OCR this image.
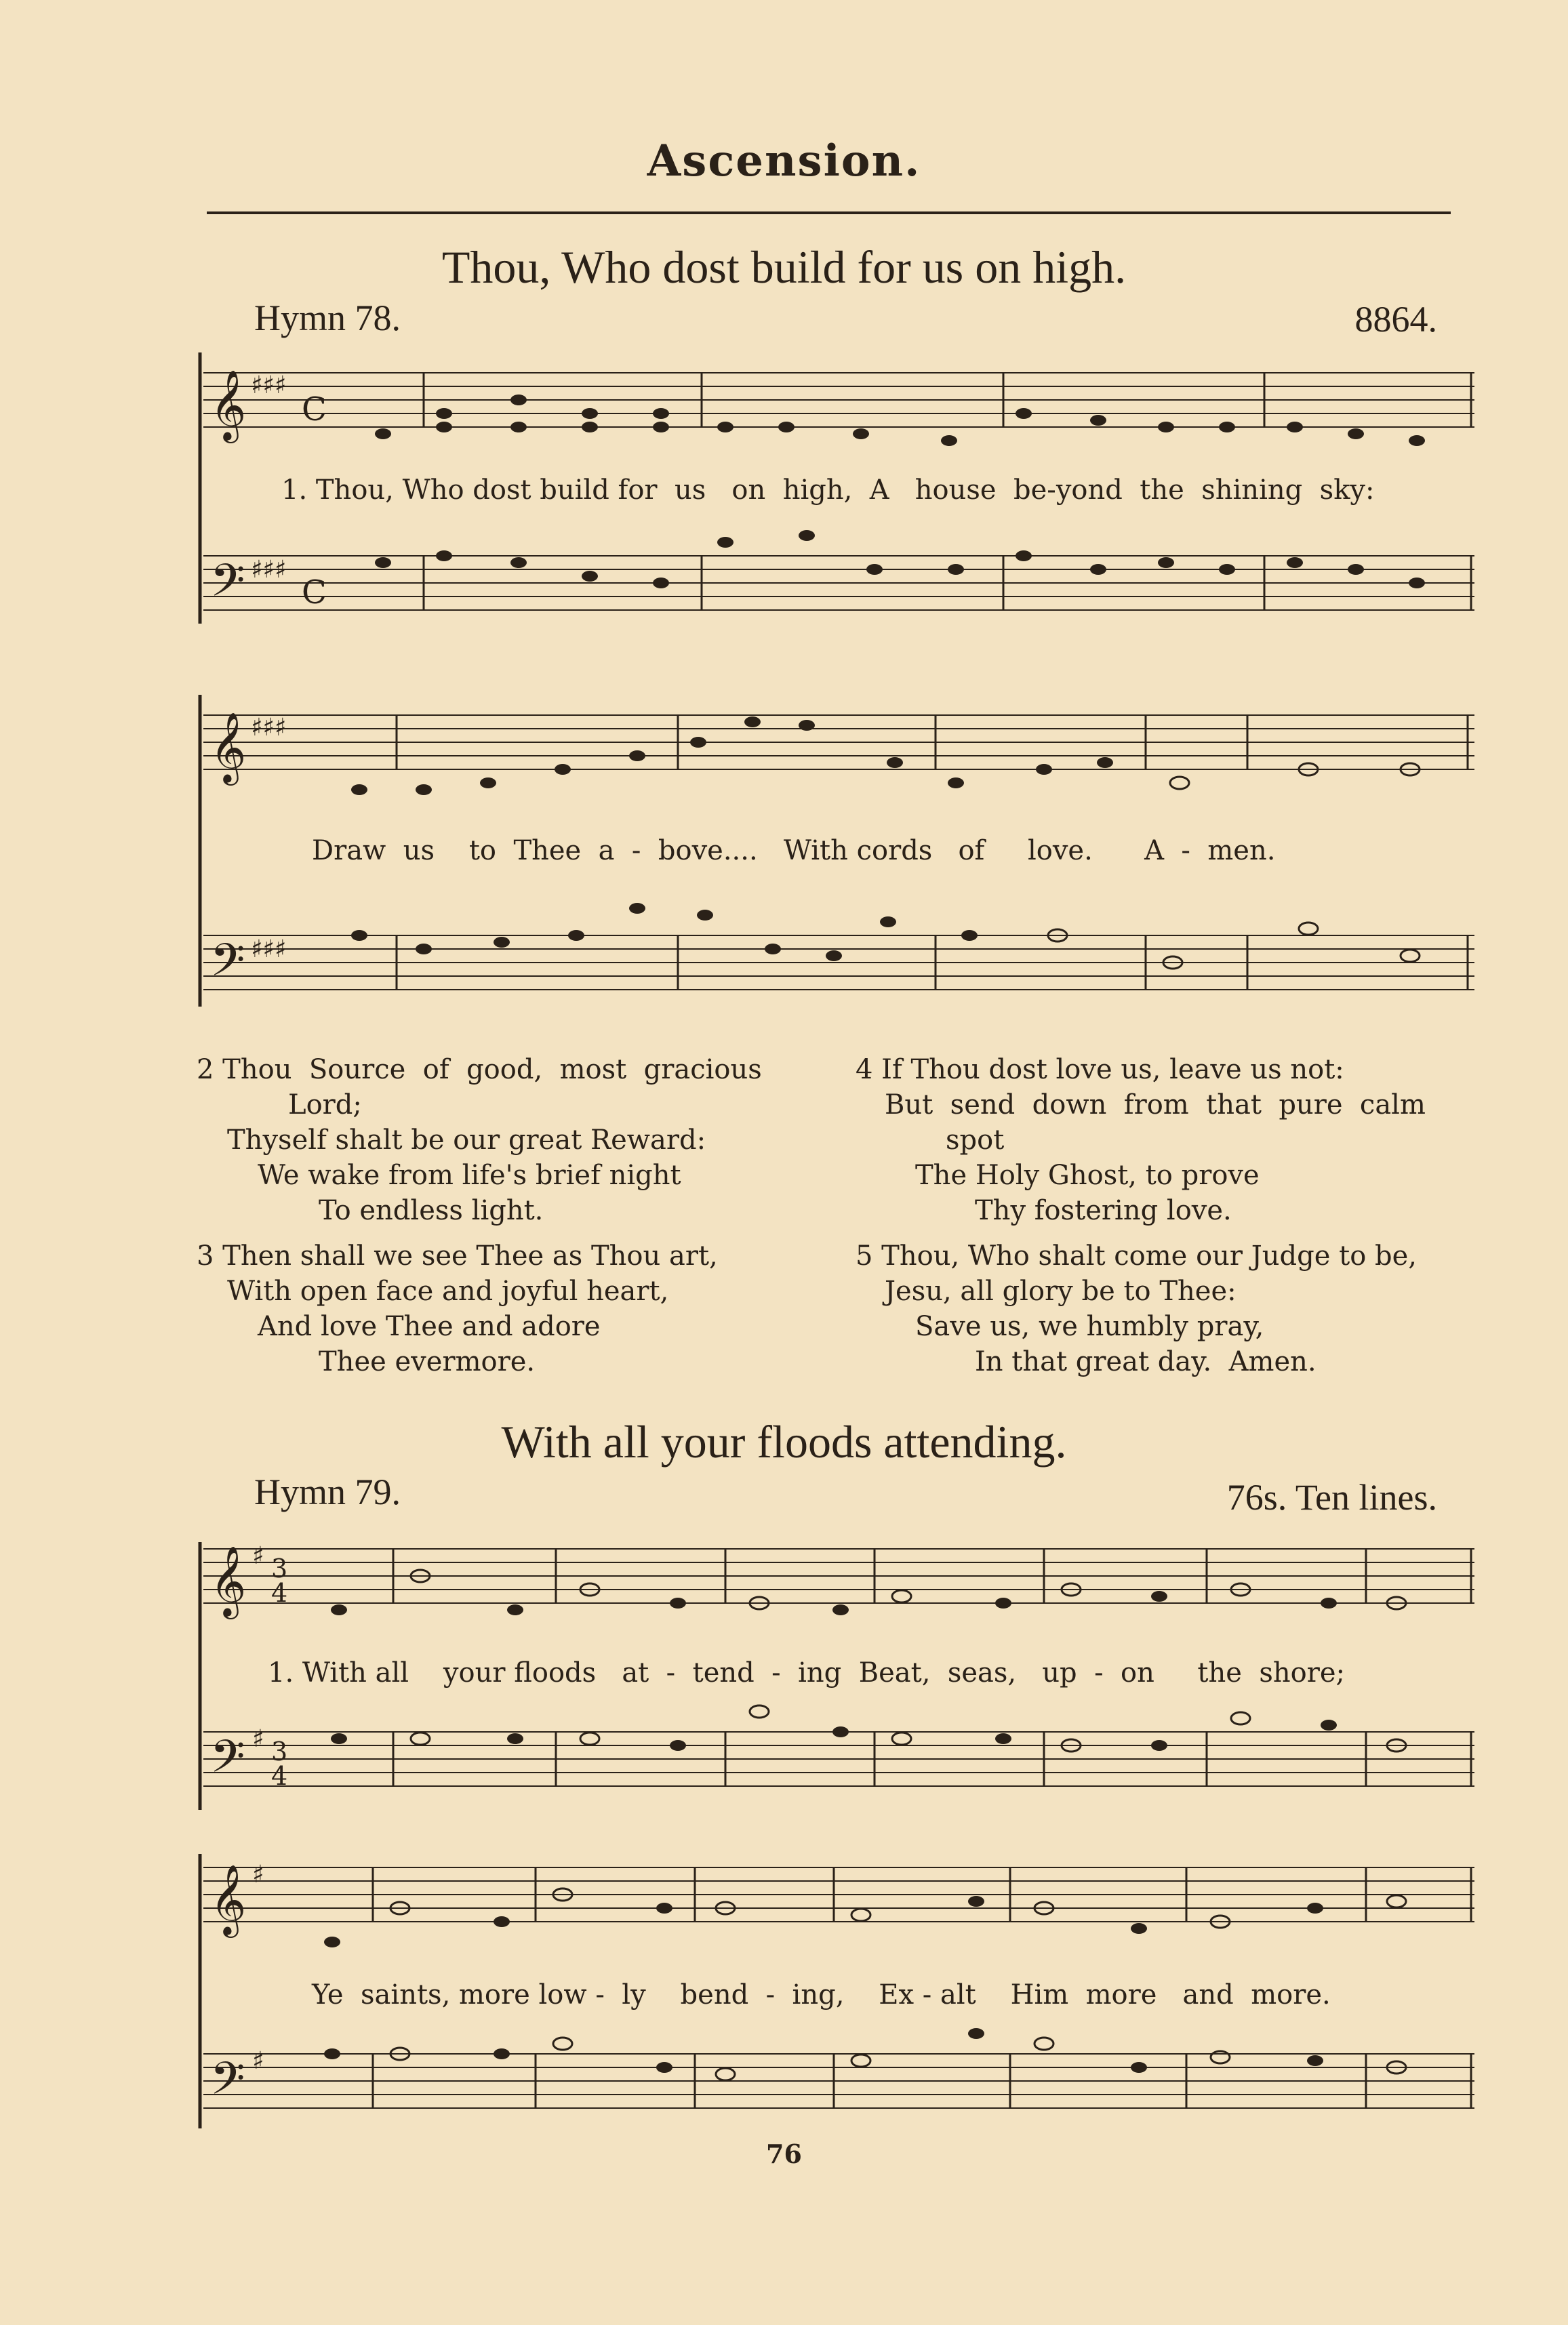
Ascension.
Thou, Who dost build for us on high.
Hymn 78.	8864.
𝄞
𝄢
♯♯♯
♯♯♯
C
C
𝄞
𝄢
♯♯♯
♯♯♯
1. Thou, Who dost build for  us   on  high,  A   house  be-yond  the  shining  sky:
Draw  us    to  Thee  a  -  bove....   With cords   of     love.      A  -  men.
2 Thou  Source  of  good,  most  gracious
Lord;
Thyself shalt be our great Reward:
We wake from life's brief night
To endless light.
3 Then shall we see Thee as Thou art,
With open face and joyful heart,
And love Thee and adore
Thee evermore.
4 If Thou dost love us, leave us not:
But  send  down  from  that  pure  calm
spot
The Holy Ghost, to prove
Thy fostering love.
5 Thou, Who shalt come our Judge to be,
Jesu, all glory be to Thee:
Save us, we humbly pray,
In that great day.  Amen.
With all your floods attending.
Hymn 79.	76s. Ten lines.
𝄞
𝄢
♯
♯
3
4
3
4
𝄞
𝄢
♯
♯
1. With all    your floods   at  -  tend  -  ing  Beat,  seas,   up  -  on     the  shore;
Ye  saints, more low -  ly    bend  -  ing,    Ex - alt    Him  more   and  more.
76
